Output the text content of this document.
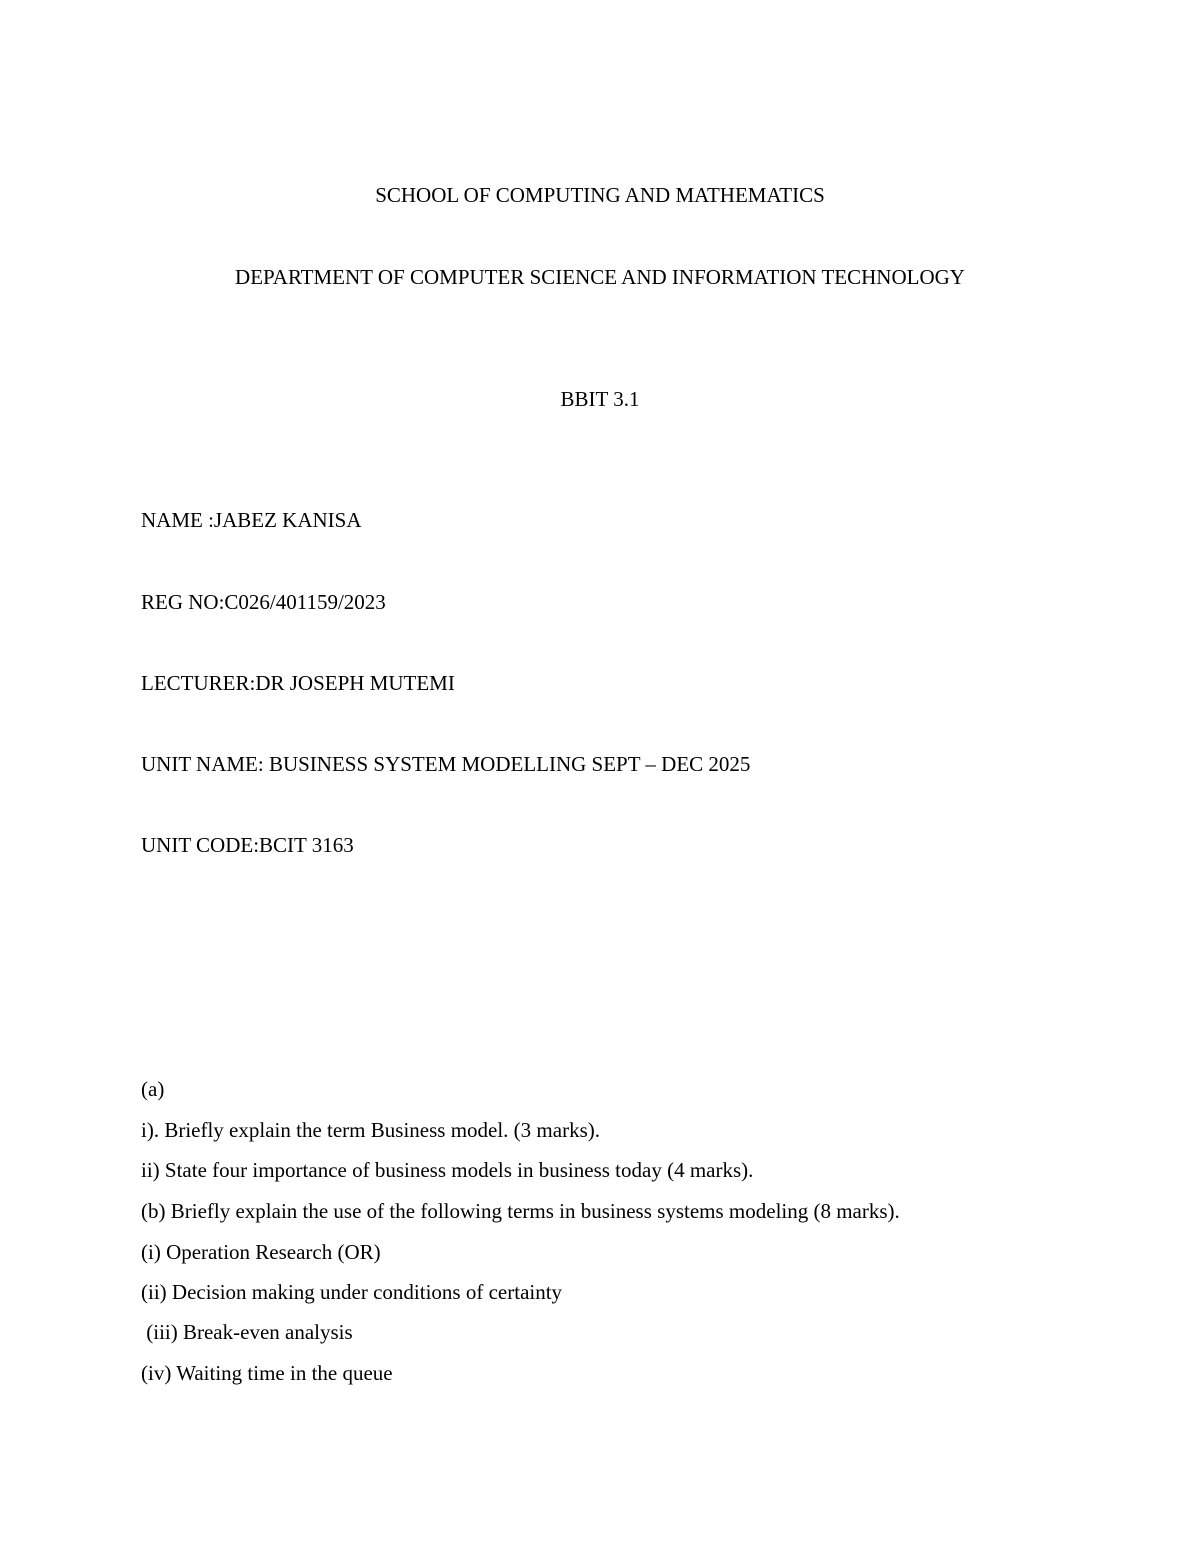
SCHOOL OF COMPUTING AND MATHEMATICS
DEPARTMENT OF COMPUTER SCIENCE AND INFORMATION TECHNOLOGY
BBIT 3.1
NAME :JABEZ KANISA
REG NO:C026/401159/2023
LECTURER:DR JOSEPH MUTEMI
UNIT NAME: BUSINESS SYSTEM MODELLING SEPT – DEC 2025
UNIT CODE:BCIT 3163
(a)
i). Briefly explain the term Business model. (3 marks).
ii) State four importance of business models in business today (4 marks).
(b) Briefly explain the use of the following terms in business systems modeling (8 marks).
(i) Operation Research (OR)
(ii) Decision making under conditions of certainty
(iii) Break-even analysis
(iv) Waiting time in the queue
